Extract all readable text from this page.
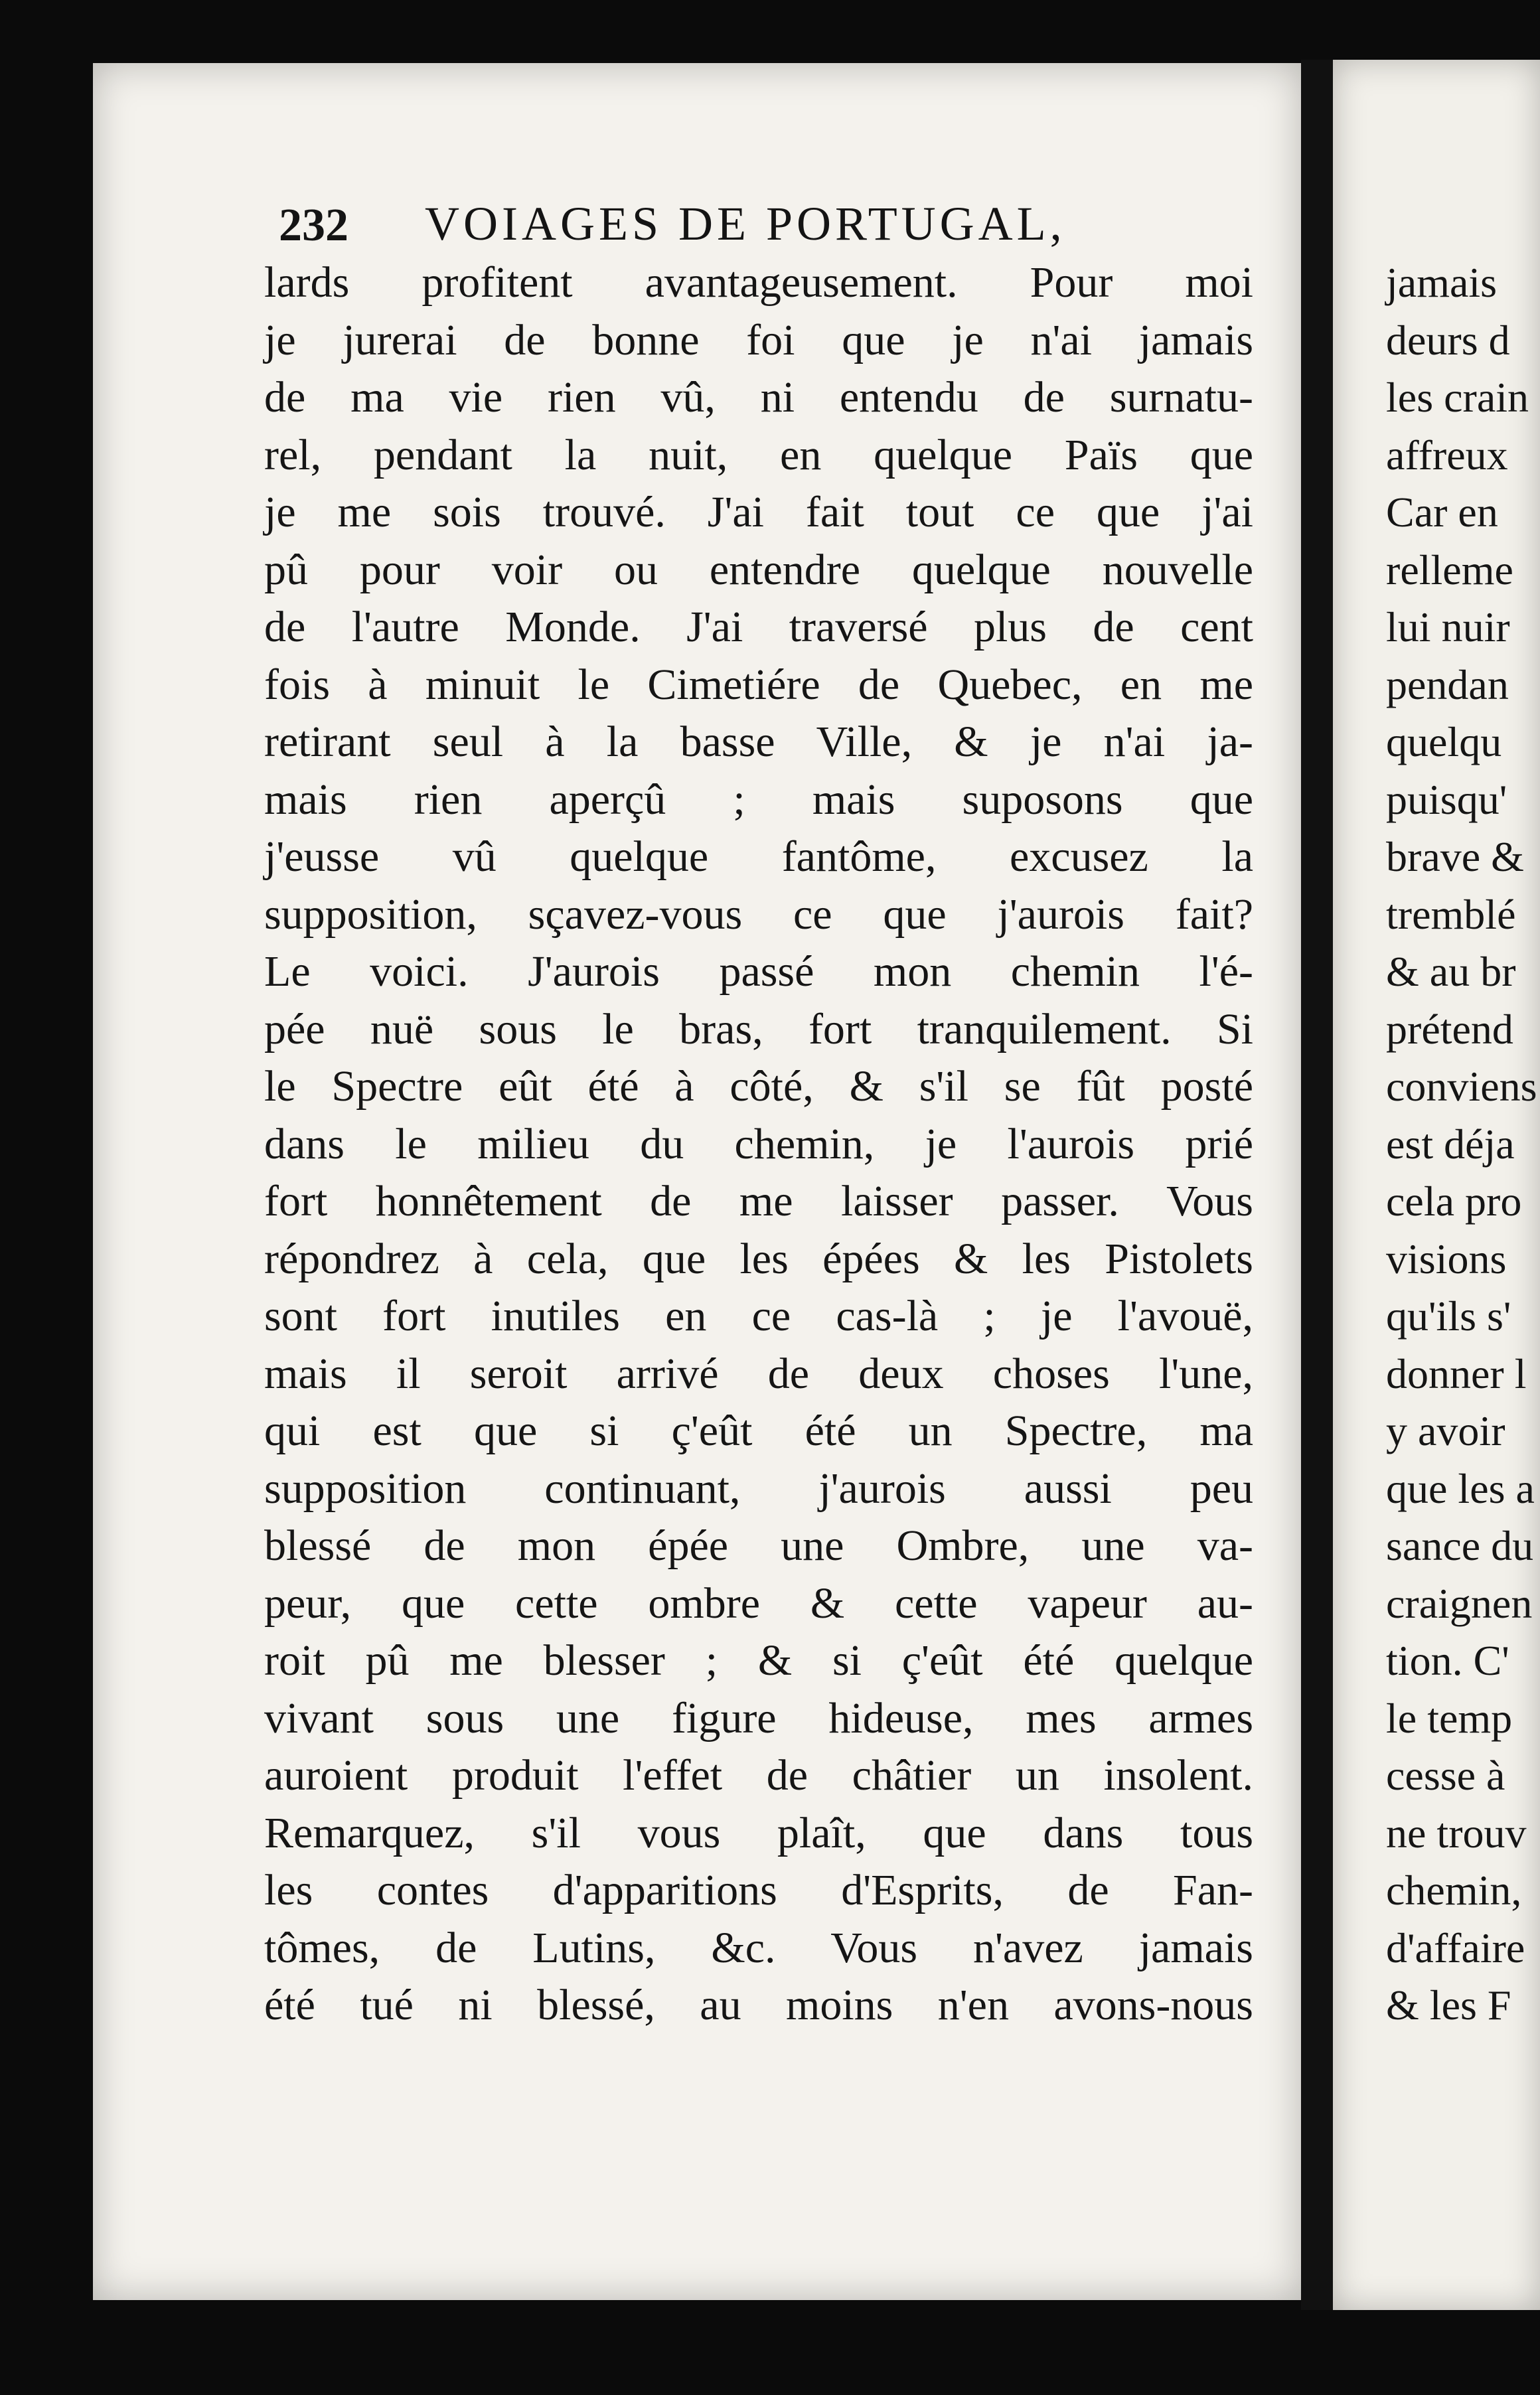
232 VOIAGES DE PORTUGAL,
lards profitent avantageusement. Pour moi
je jurerai de bonne foi que je n'ai jamais
de ma vie rien vû, ni entendu de surnatu-
rel, pendant la nuit, en quelque Païs que
je me sois trouvé. J'ai fait tout ce que j'ai
pû pour voir ou entendre quelque nouvelle
de l'autre Monde. J'ai traversé plus de cent
fois à minuit le Cimetiére de Quebec, en me
retirant seul à la basse Ville, & je n'ai ja-
mais rien aperçû ; mais suposons que
j'eusse vû quelque fantôme, excusez la
supposition, sçavez-vous ce que j'aurois fait?
Le voici. J'aurois passé mon chemin l'é-
pée nuë sous le bras, fort tranquilement. Si
le Spectre eût été à côté, & s'il se fût posté
dans le milieu du chemin, je l'aurois prié
fort honnêtement de me laisser passer. Vous
répondrez à cela, que les épées & les Pistolets
sont fort inutiles en ce cas-là ; je l'avouë,
mais il seroit arrivé de deux choses l'une,
qui est que si ç'eût été un Spectre, ma
supposition continuant, j'aurois aussi peu
blessé de mon épée une Ombre, une va-
peur, que cette ombre & cette vapeur au-
roit pû me blesser ; & si ç'eût été quelque
vivant sous une figure hideuse, mes armes
auroient produit l'effet de châtier un insolent.
Remarquez, s'il vous plaît, que dans tous
les contes d'apparitions d'Esprits, de Fan-
tômes, de Lutins, &c. Vous n'avez jamais
été tué ni blessé, au moins n'en avons-nous
jamais
deurs d
les crain
affreux
Car en
relleme
lui nuir
pendan
quelqu
puisqu'
brave &
tremblé
& au br
prétend
conviens
est déja
cela pro
visions
qu'ils s'
donner l
y avoir
que les a
sance du
craignen
tion. C'
le temp
cesse à
ne trouv
chemin,
d'affaire
& les F
